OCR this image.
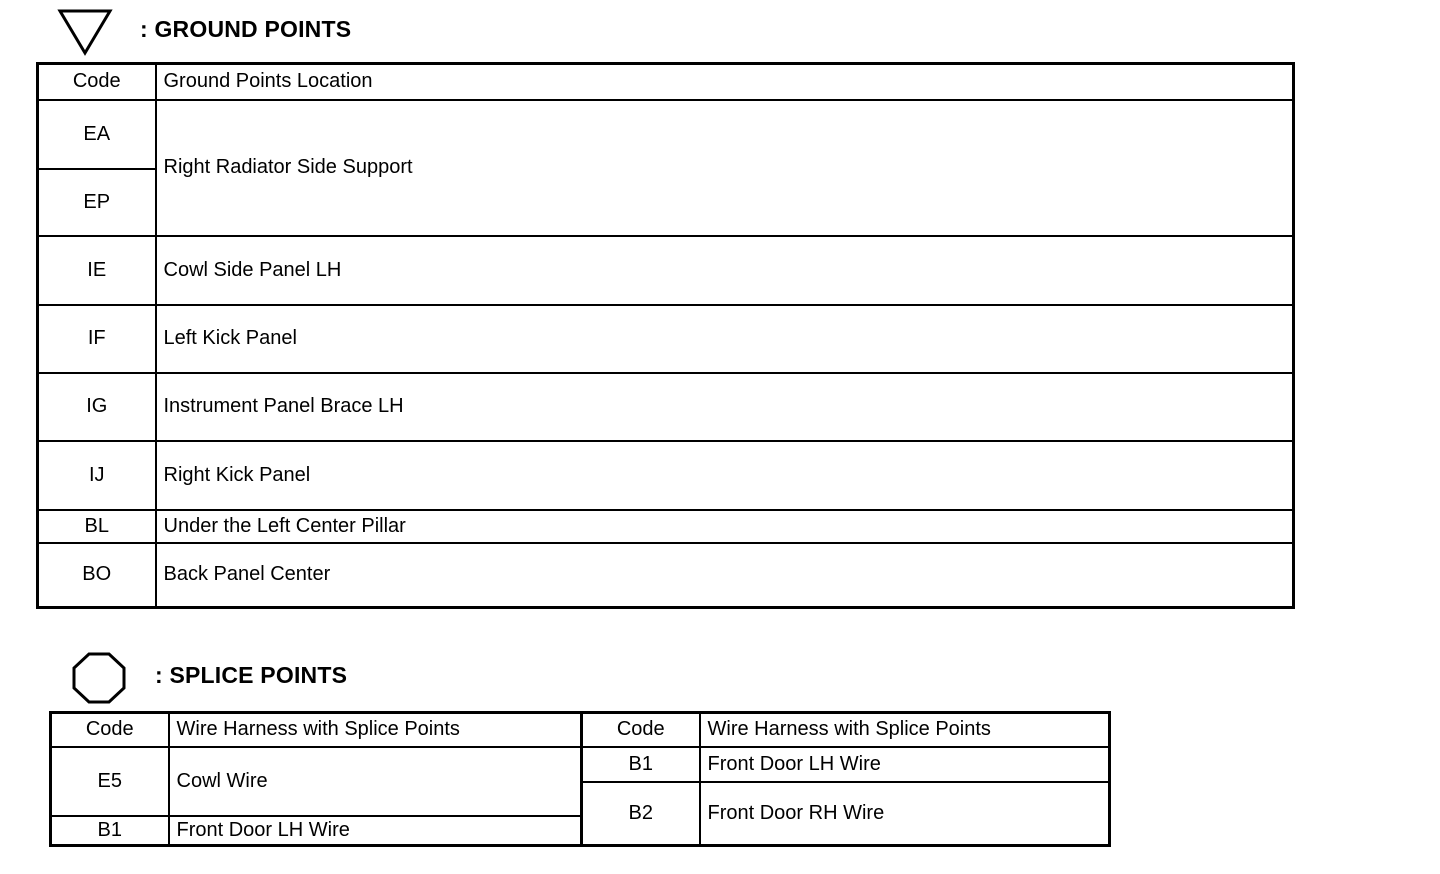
: GROUND POINTS
Code	Ground Points Location
EA	Right Radiator Side Support
EP	
IE	Cowl Side Panel LH
IF	Left Kick Panel
IG	Instrument Panel Brace LH
IJ	Right Kick Panel
BL	Under the Left Center Pillar
BO	Back Panel Center
: SPLICE POINTS
Code	Wire Harness with Splice Points	Code	Wire Harness with Splice Points
E5	Cowl Wire	B1	Front Door LH Wire
		B2	Front Door RH Wire
B1	Front Door LH Wire		
